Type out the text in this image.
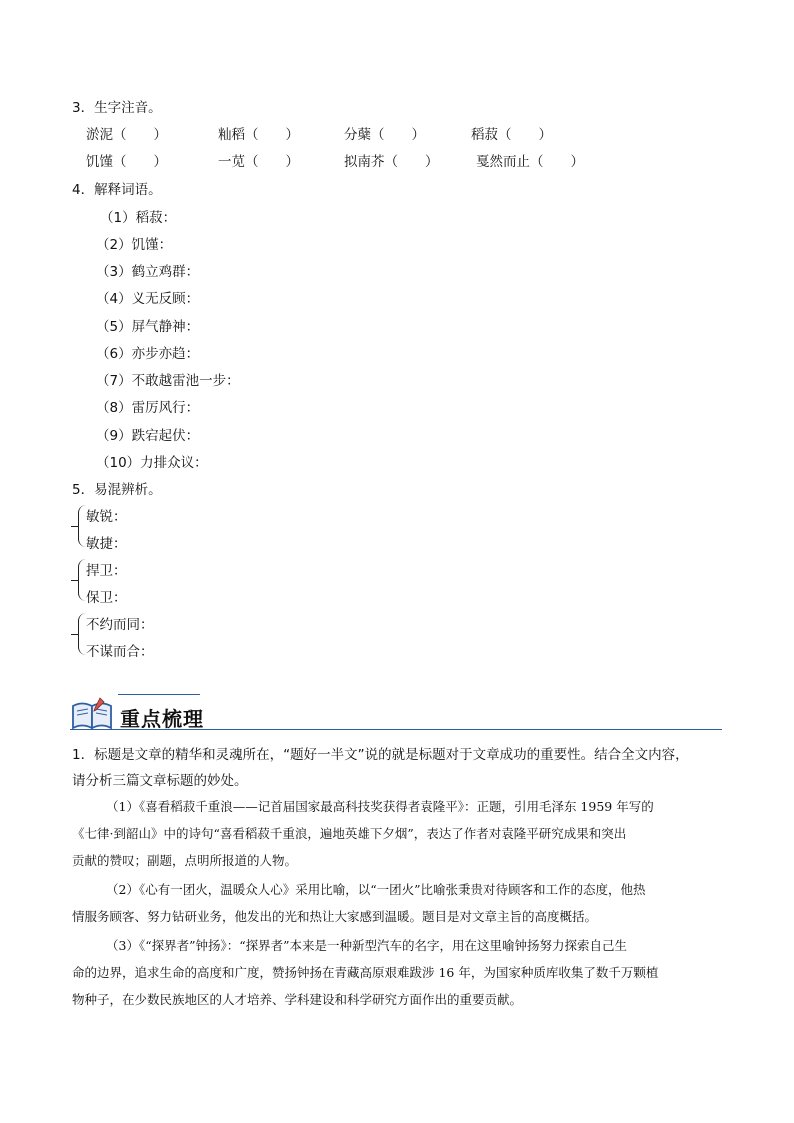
3．生字注音。
淤泥（　　）	籼稻（　　）	分蘖（　　）	稻菽（　　）
饥馑（　　）	一苋（　　）	拟南芥（　　）	戛然而止（　　）
4．解释词语。
（1）稻菽：
（2）饥馑：
（3）鹤立鸡群：
（4）义无反顾：
（5）屏气静神：
（6）亦步亦趋：
（7）不敢越雷池一步：
（8）雷厉风行：
（9）跌宕起伏：
（10）力排众议：
5．易混辨析。
敏锐：
敏捷：
捍卫：
保卫：
不约而同：
不谋而合：
重点梳理
1．标题是文章的精华和灵魂所在，“题好一半文”说的就是标题对于文章成功的重要性。结合全文内容，
请分析三篇文章标题的妙处。
（1）《喜看稻菽千重浪——记首届国家最高科技奖获得者袁隆平》：正题，引用毛泽东 1959 年写的
《七律·到韶山》中的诗句“喜看稻菽千重浪，遍地英雄下夕烟”，表达了作者对袁隆平研究成果和突出
贡献的赞叹；副题，点明所报道的人物。
（2）《心有一团火，温暖众人心》采用比喻，以“一团火”比喻张秉贵对待顾客和工作的态度，他热
情服务顾客、努力钻研业务，他发出的光和热让大家感到温暖。题目是对文章主旨的高度概括。
（3）《“探界者”钟扬》：“探界者”本来是一种新型汽车的名字，用在这里喻钟扬努力探索自己生
命的边界，追求生命的高度和广度，赞扬钟扬在青藏高原艰难跋涉 16 年，为国家种质库收集了数千万颗植
物种子，在少数民族地区的人才培养、学科建设和科学研究方面作出的重要贡献。
